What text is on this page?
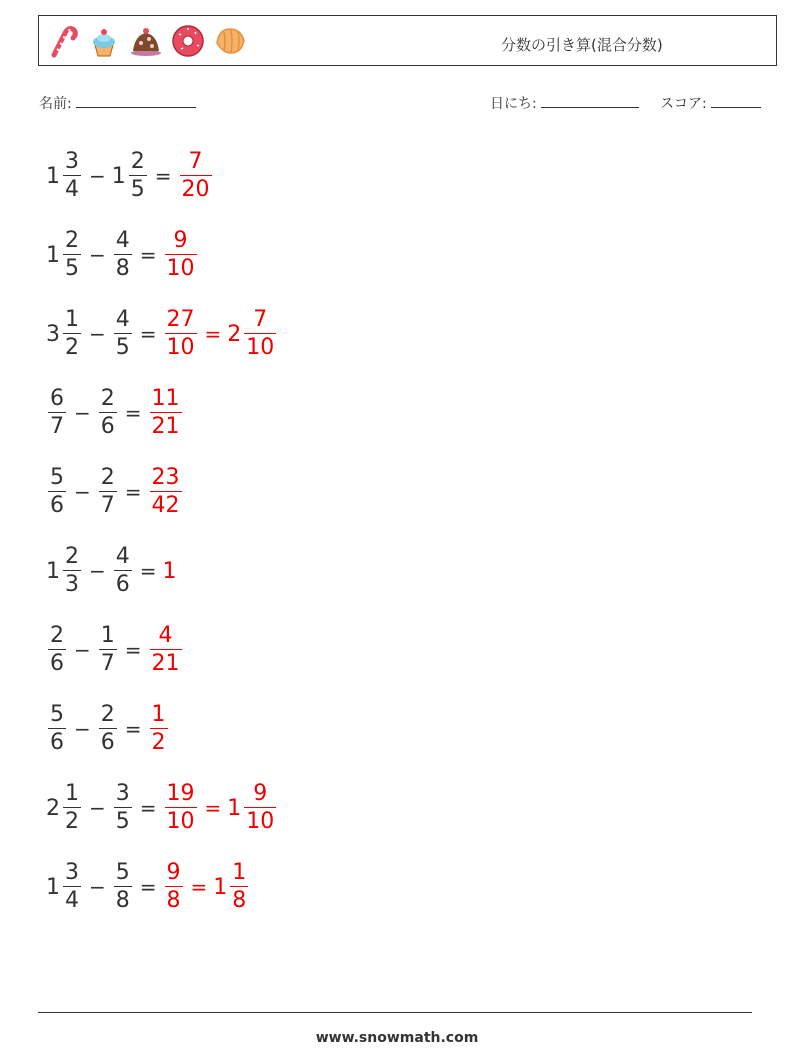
分数の引き算(混合分数)
名前:	日にち:	スコア:
$1 \frac{3}{4} - 1 \frac{2}{5} = \frac{7}{20}$
$1 \frac{2}{5} - \frac{4}{8} = \frac{9}{10}$
$3 \frac{1}{2} - \frac{4}{5} = \frac{27}{10} = 2 \frac{7}{10}$
$\frac{6}{7} - \frac{2}{6} = \frac{11}{21}$
$\frac{5}{6} - \frac{2}{7} = \frac{23}{42}$
$1 \frac{2}{3} - \frac{4}{6} = 1$
$\frac{2}{6} - \frac{1}{7} = \frac{4}{21}$
$\frac{5}{6} - \frac{2}{6} = \frac{1}{2}$
$2 \frac{1}{2} - \frac{3}{5} = \frac{19}{10} = 1 \frac{9}{10}$
$1 \frac{3}{4} - \frac{5}{8} = \frac{9}{8} = 1 \frac{1}{8}$
www.snowmath.com
